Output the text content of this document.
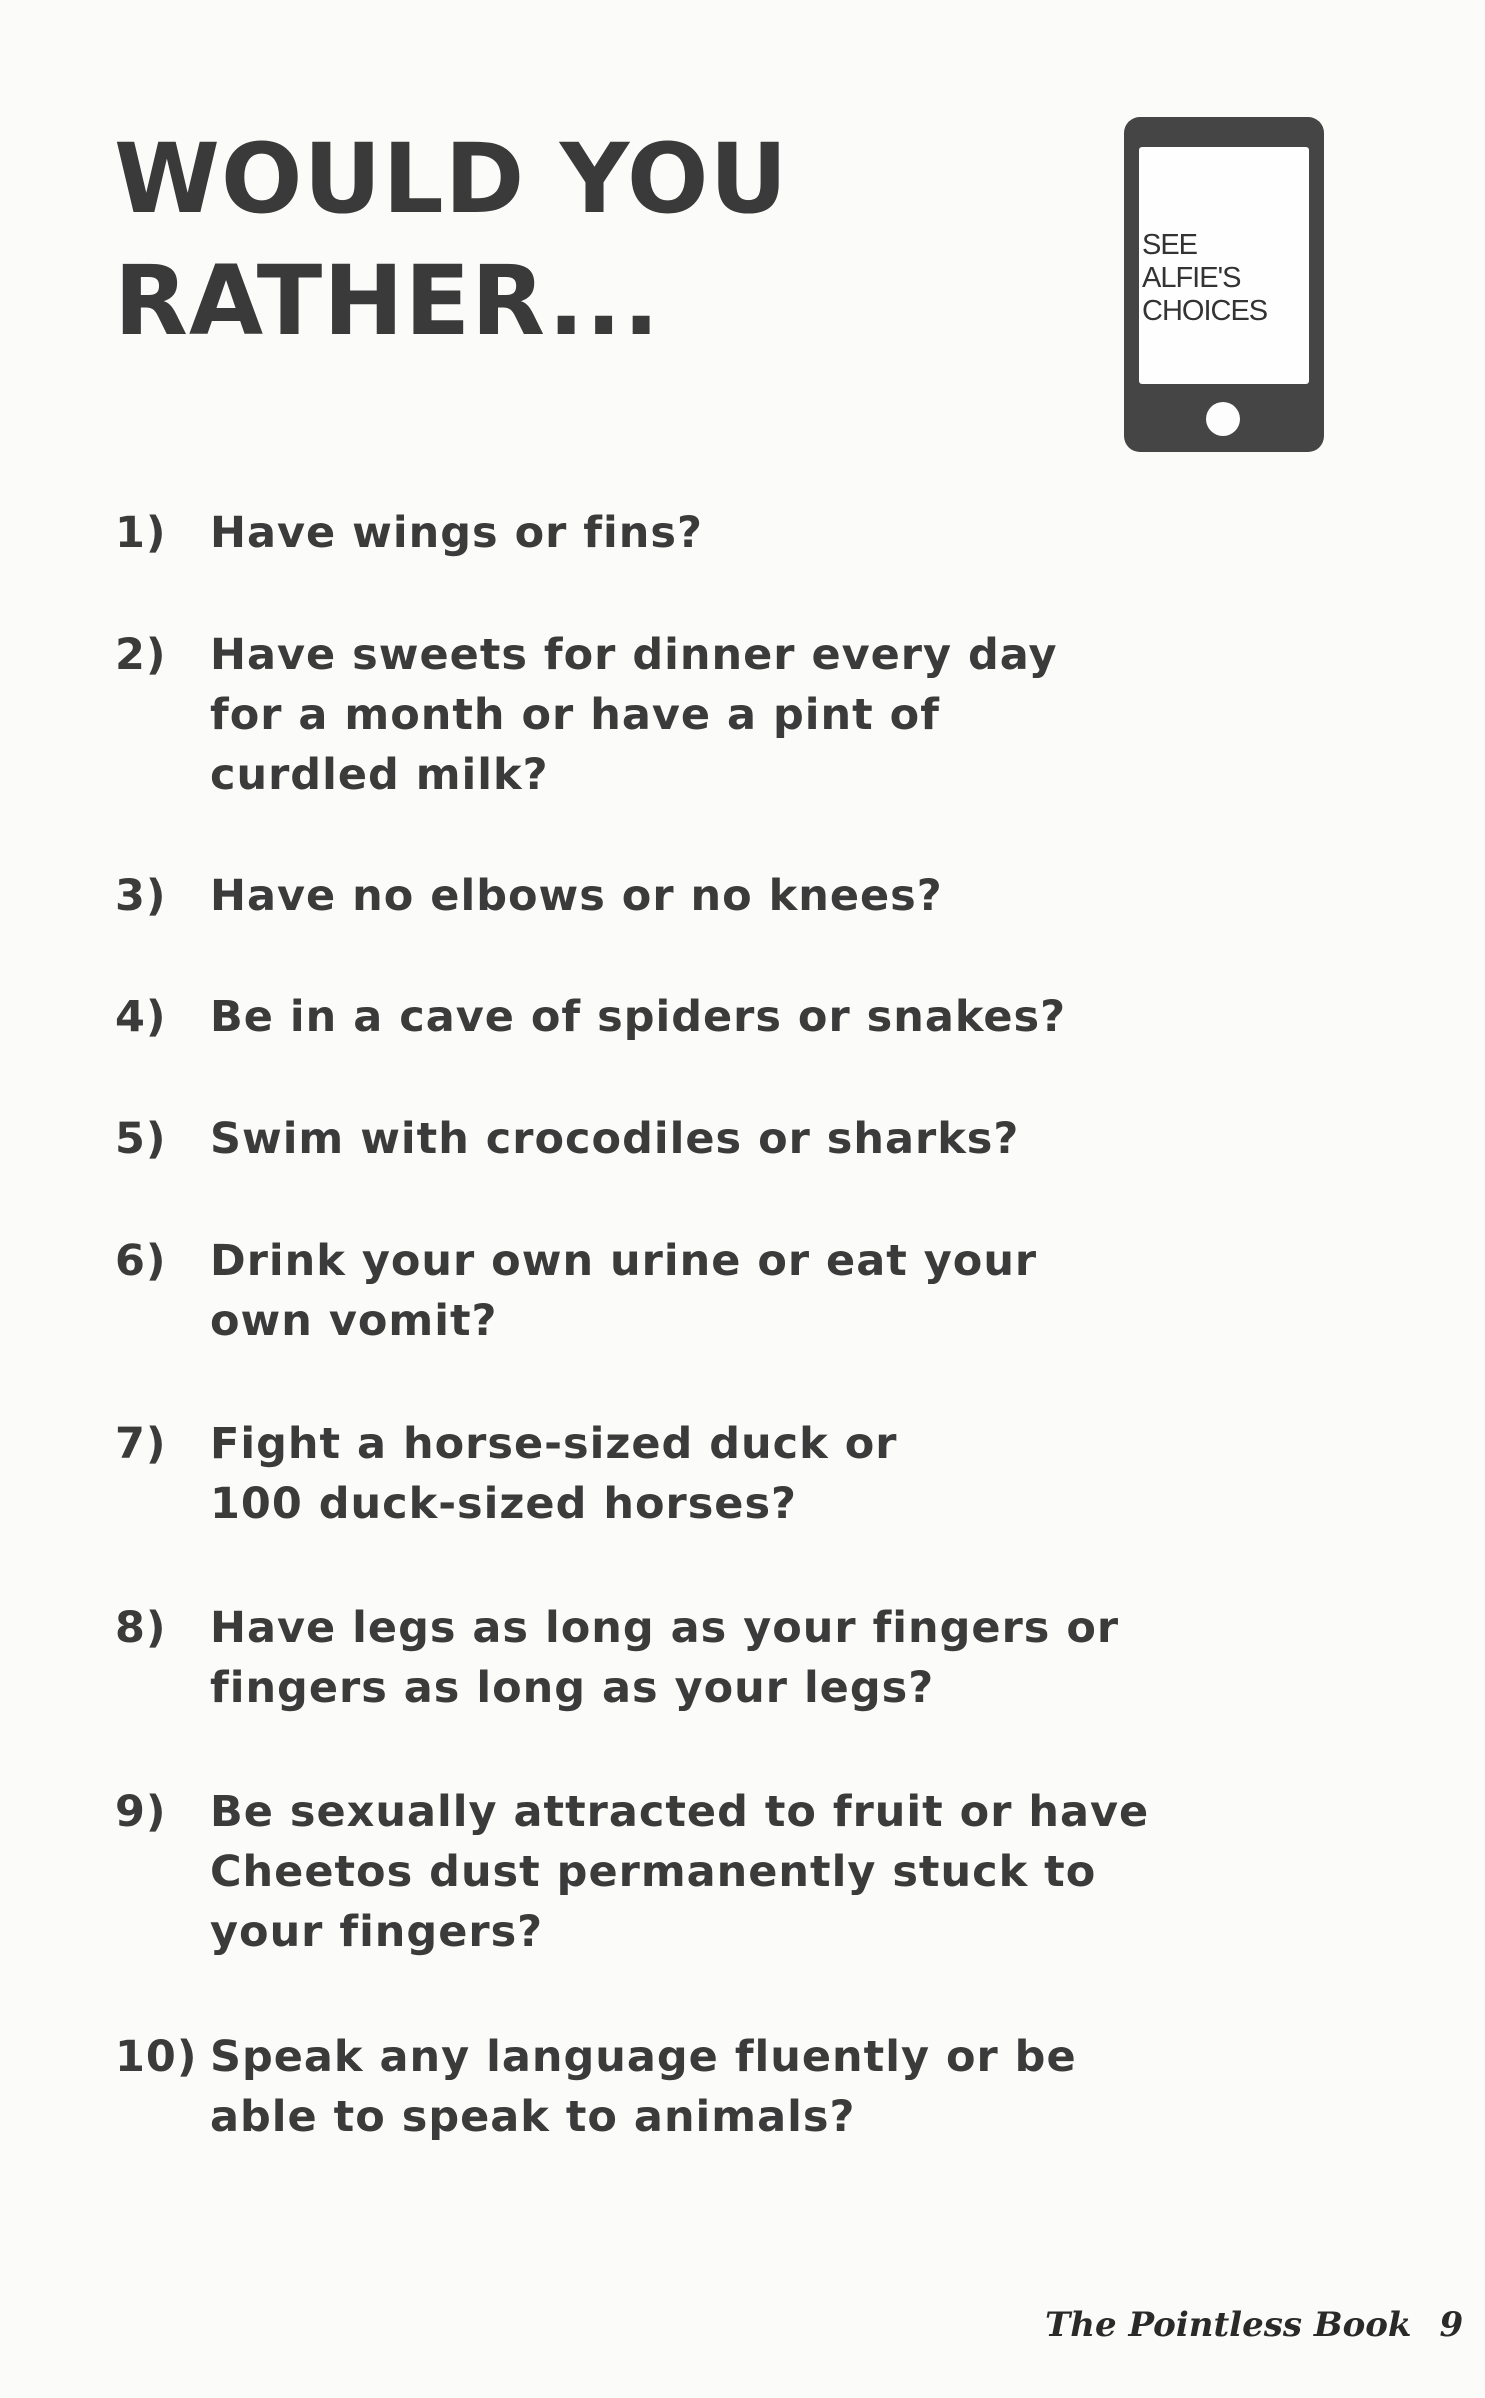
WOULD YOU
RATHER...	SEE
ALFIE'S
CHOICES
1)	Have wings or fins?
2)	Have sweets for dinner every day
for a month or have a pint of
curdled milk?
3)	Have no elbows or no knees?
4)	Be in a cave of spiders or snakes?
5)	Swim with crocodiles or sharks?
6)	Drink your own urine or eat your
own vomit?
7)	Fight a horse-sized duck or
100 duck-sized horses?
8)	Have legs as long as your fingers or
fingers as long as your legs?
9)	Be sexually attracted to fruit or have
Cheetos dust permanently stuck to
your fingers?
10) Speak any language fluently or be
able to speak to animals?
The Pointless Book 9
